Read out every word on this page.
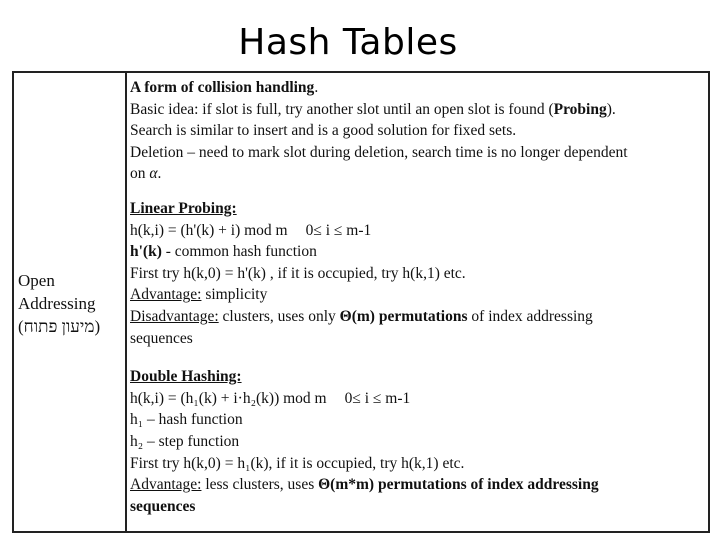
Hash Tables
Open
Addressing
(מיעון פתוח)
A form of collision handling.
Basic idea: if slot is full, try another slot until an open slot is found (Probing).
Search is similar to insert and is a good solution for fixed sets.
Deletion – need to mark slot during deletion, search time is no longer dependent
on α.
Linear Probing:
h(k,i) = (h'(k) + i) mod m 0≤ i ≤ m-1
h'(k) - common hash function
First try h(k,0) = h'(k) , if it is occupied, try h(k,1) etc.
Advantage: simplicity
Disadvantage: clusters, uses only Θ(m) permutations of index addressing
sequences
Double Hashing:
h(k,i) = (h₁(k) + i·h₂(k)) mod m 0≤ i ≤ m-1
h₁ – hash function
h₂ – step function
First try h(k,0) = h₁(k), if it is occupied, try h(k,1) etc.
Advantage: less clusters, uses Θ(m*m) permutations of index addressing
sequences
